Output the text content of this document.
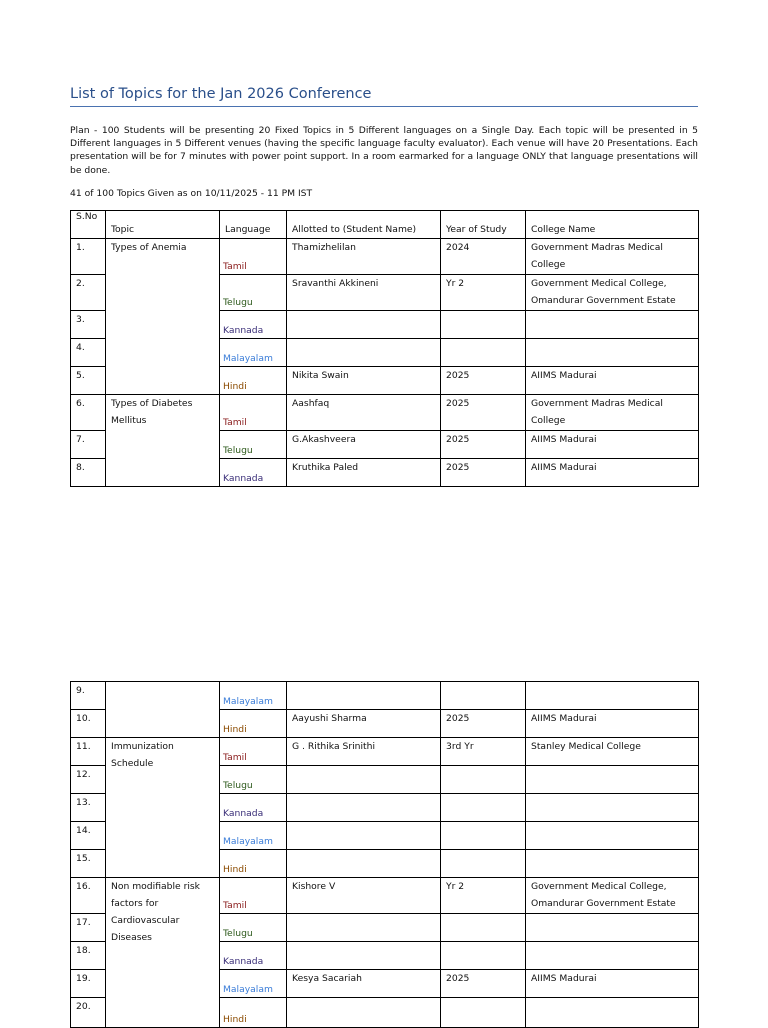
List of Topics for the Jan 2026 Conference
Plan - 100 Students will be presenting 20 Fixed Topics in 5 Different languages on a Single Day. Each topic will be presented in 5 Different languages in 5 Different venues (having the specific language faculty evaluator). Each venue will have 20 Presentations. Each presentation will be for 7 minutes with power point support. In a room earmarked for a language ONLY that language presentations will be done.
41 of 100 Topics Given as on 10/11/2025 - 11 PM IST
S.No	Topic	Language	Allotted to (Student Name)	Year of Study	College Name
1.	Types of Anemia	Tamil	Thamizhelilan	2024	Government Madras Medical College
2.		Telugu	Sravanthi Akkineni	Yr 2	Government Medical College, Omandurar Government Estate
3.		Kannada			

4.		Malayalam			

5.		Hindi	Nikita Swain	2025	AIIMS Madurai
6.	Types of Diabetes Mellitus	Tamil	Aashfaq	2025	Government Madras Medical College
7.		Telugu	G.Akashveera	2025	AIIMS Madurai
8.		Kannada	Kruthika Paled	2025	AIIMS Madurai
9.		Malayalam			

10.		Hindi	Aayushi Sharma	2025	AIIMS Madurai
11.	Immunization Schedule	Tamil	G . Rithika Srinithi	3rd Yr	Stanley Medical College
12.		Telugu			

13.		Kannada			

14.		Malayalam			

15.		Hindi			

16.	Non modifiable risk factors for Cardiovascular Diseases	Tamil	Kishore V	Yr 2	Government Medical College, Omandurar Government Estate
17.		Telugu			

18.		Kannada			

19.		Malayalam	Kesya Sacariah	2025	AIIMS Madurai
20.		Hindi			
